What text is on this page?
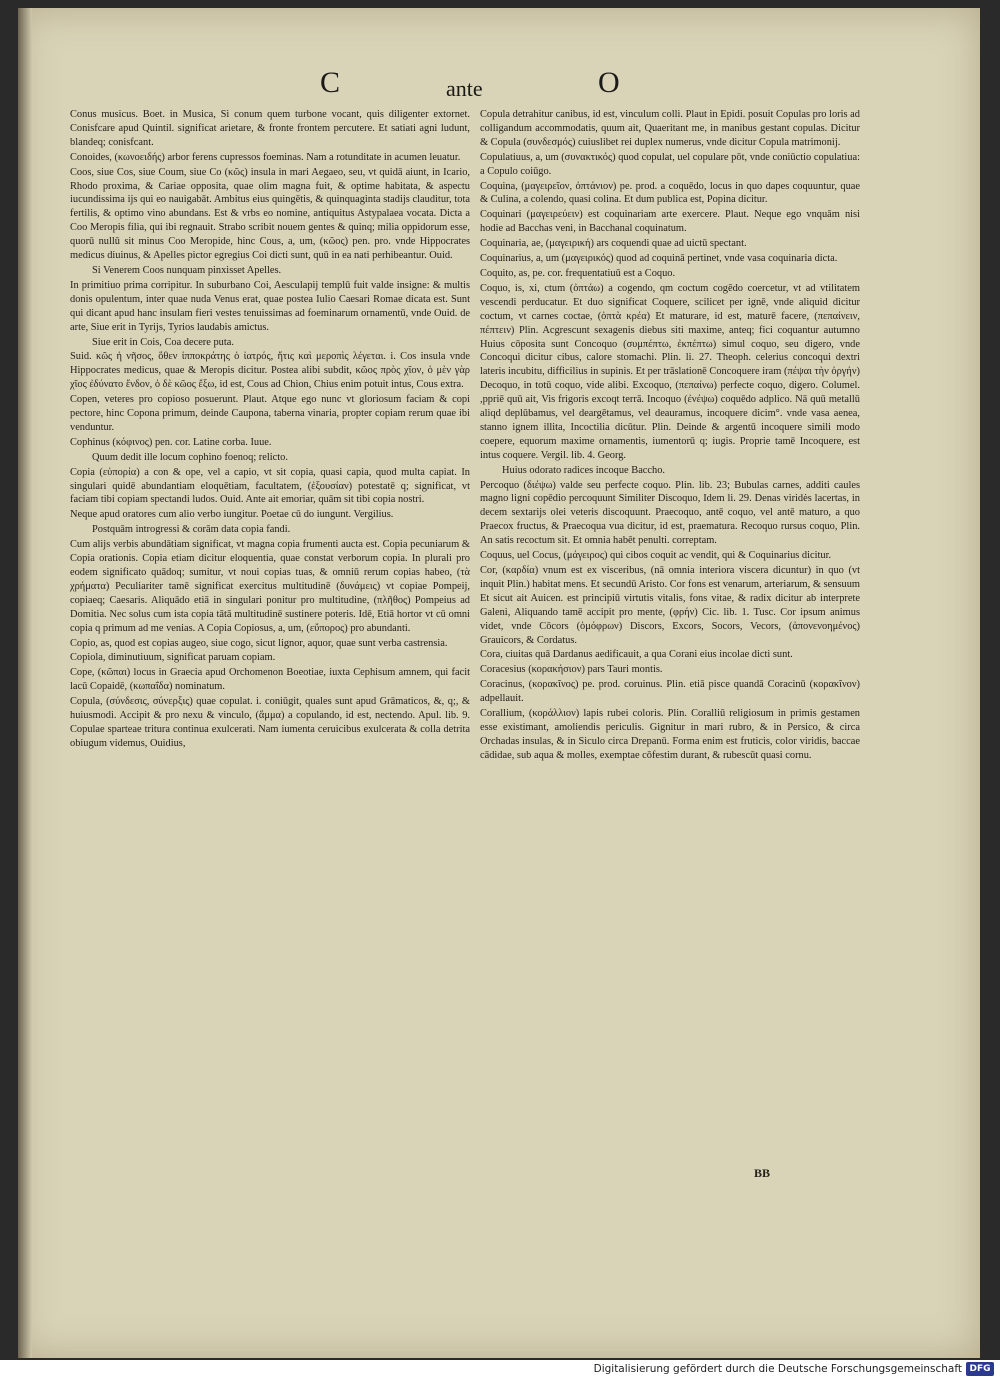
C	ante	O

Conus musicus. Boet. in Musica, Si conum quem turbone vocant, quis diligenter extornet. Conisfcare apud Quintil. significat arietare, & fronte frontem percutere. Et satiati agni ludunt, blandeq; conisfcant.

Conoides, (κωνοειδής) arbor ferens cupressos foeminas. Nam a rotunditate in acumen leuatur.

Coos, siue Cos, siue Coum, siue Co (κῶς) insula in mari Aegaeo, seu, vt quidā aiunt, in Icario, Rhodo proxima, & Cariae opposita, quae olim magna fuit, & optime habitata, & aspectu iucundissima ijs qui eo nauigabāt. Ambitus eius quingētis, & quinquaginta stadijs clauditur, tota fertilis, & optimo vino abundans. Est & vrbs eo nomine, antiquitus Astypalaea vocata. Dicta a Coo Meropis filia, qui ibi regnauit. Strabo scribit nouem gentes & quinq; milia oppidorum esse, quorū nullū sit minus Coo Meropide, hinc Cous, a, um, (κῶος) pen. pro. vnde Hippocrates medicus diuinus, & Apelles pictor egregius Coi dicti sunt, quū in ea nati perhibeantur. Ouid.

Si Venerem Coos nunquam pinxisset Apelles.

In primitiuo prima corripitur. In suburbano Coi, Aesculapij templū fuit valde insigne: & multis donis opulentum, inter quae nuda Venus erat, quae postea Iulio Caesari Romae dicata est. Sunt qui dicant apud hanc insulam fieri vestes tenuissimas ad foeminarum ornamentū, vnde Ouid. de arte, Siue erit in Tyrijs, Tyrios laudabis amictus.

Siue erit in Cois, Coa decere puta.

Suid. κῶς ἡ νῆσος, ὅθεν ἱπποκράτης ὁ ἰατρός, ἥτις καὶ μεροπὶς λέγεται. i. Cos insula vnde Hippocrates medicus, quae & Meropis dicitur. Postea alibi subdit, κῶος πρὸς χῖον, ὁ μὲν γὰρ χῖος ἐδύνατο ἔνδον, ὁ δὲ κῶος ἔξω, id est, Cous ad Chion, Chius enim potuit intus, Cous extra.

Copen, veteres pro copioso posuerunt. Plaut. Atque ego nunc vt gloriosum faciam & copi pectore, hinc Copona primum, deinde Caupona, taberna vinaria, propter copiam rerum quae ibi venduntur.

Cophinus (κόφινος) pen. cor. Latine corba. Iuue.

Quum dedit ille locum cophino foenoq; relicto.

Copia (εὐπορία) a con & ope, vel a capio, vt sit copia, quasi capia, quod multa capiat. In singulari quidē abundantiam eloquētiam, facultatem, (ἐξουσίαν) potestatē q; significat, vt faciam tibi copiam spectandi ludos. Ouid. Ante ait emoriar, quām sit tibi copia nostri.

Neque apud oratores cum alio verbo iungitur. Poetae cū do iungunt. Vergilius.

Postquām introgressi & corām data copia fandi.

Cum alijs verbis abundātiam significat, vt magna copia frumenti aucta est. Copia pecuniarum & Copia orationis. Copia etiam dicitur eloquentia, quae constat verborum copia. In plurali pro eodem significato quādoq; sumitur, vt noui copias tuas, & omniū rerum copias habeo, (τὰ χρήματα) Peculiariter tamē significat exercitus multitudinē (δυνάμεις) vt copiae Pompeij, copiaeq; Caesaris. Aliquādo etiā in singulari ponitur pro multitudine, (πλῆθος) Pompeius ad Domitia. Nec solus cum ista copia tātā multitudinē sustinere poteris. Idē, Etiā hortor vt cū omni copia q primum ad me venias. A Copia Copiosus, a, um, (εὔπορος) pro abundanti.

Copio, as, quod est copias augeo, siue cogo, sicut lignor, aquor, quae sunt verba castrensia.

Copiola, diminutiuum, significat paruam copiam.

Cope, (κῶπαι) locus in Graecia apud Orchomenon Boeotiae, iuxta Cephisum amnem, qui facit lacū Copaidē, (κωπαΐδα) nominatum.

Copula, (σύνδεσις, σύνερξις) quae copulat. i. coniūgit, quales sunt apud Grāmaticos, &, q;, & huiusmodi. Accipit & pro nexu & vinculo, (ἅμμα) a copulando, id est, nectendo. Apul. lib. 9. Copulae sparteae tritura continua exulcerati. Nam iumenta ceruicibus exulcerata & colla detrita obiugum videmus, Ouidius,

Copula detrahitur canibus, id est, vinculum colli. Plaut in Epidi. posuit Copulas pro loris ad colligandum accommodatis, quum ait, Quaeritant me, in manibus gestant copulas. Dicitur & Copula (συνδεσμός) cuiuslibet rei duplex numerus, vnde dicitur Copula matrimonij.

Copulatiuus, a, um (συνακτικός) quod copulat, uel copulare pōt, vnde coniūctio copulatiua: a Copulo coiūgo.

Coquina, (μαγειρεῖον, ὀπτάνιον) pe. prod. a coquēdo, locus in quo dapes coquuntur, quae & Culina, a colendo, quasi colina. Et dum publica est, Popina dicitur.

Coquinari (μαγειρεύειν) est coquinariam arte exercere. Plaut. Neque ego vnquām nisi hodie ad Bacchas veni, in Bacchanal coquinatum.

Coquinaria, ae, (μαγειρική) ars coquendi quae ad uictū spectant.

Coquinarius, a, um (μαγειρικός) quod ad coquinā pertinet, vnde vasa coquinaria dicta.

Coquito, as, pe. cor. frequentatiuū est a Coquo.

Coquo, is, xi, ctum (ὀπτάω) a cogendo, qm coctum cogēdo coercetur, vt ad vtilitatem vescendi perducatur. Et duo significat Coquere, scilicet per ignē, vnde aliquid dicitur coctum, vt carnes coctae, (ὀπτὰ κρέα) Et maturare, id est, maturē facere, (πεπαίνειν, πέπτειν) Plin. Acgrescunt sexagenis diebus siti maxime, anteq; fici coquantur autumno Huius cōposita sunt Concoquo (συμπέπτω, ἐκπέπτω) simul coquo, seu digero, vnde Concoqui dicitur cibus, calore stomachi. Plin. li. 27. Theoph. celerius concoqui dextri lateris incubitu, difficilius in supinis. Et per trāslationē Concoquere iram (πέψαι τὴν ὀργήν) Decoquo, in totū coquo, vide alibi. Excoquo, (πεπαίνω) perfecte coquo, digero. Columel. ,ppriē quū ait, Vis frigoris excoqt terrā. Incoquo (ἐνέψω) coquēdo adplico. Nā quū metallū aliqd deplūbamus, vel deargētamus, vel deauramus, incoquere dicim°. vnde vasa aenea, stanno ignem illita, Incoctilia dicūtur. Plin. Deinde & argentū incoquere simili modo coepere, equorum maxime ornamentis, iumentorū q; iugis. Proprie tamē Incoquere, est intus coquere. Vergil. lib. 4. Georg.

Huius odorato radices incoque Baccho.

Percoquo (διέψω) valde seu perfecte coquo. Plin. lib. 23; Bubulas carnes, additi caules magno ligni copēdio percoquunt Similiter Discoquo, Idem li. 29. Denas viridės lacertas, in decem sextarijs olei veteris discoquunt. Praecoquo, antē coquo, vel antē maturo, a quo Praecox fructus, & Praecoqua vua dicitur, id est, praematura. Recoquo rursus coquo, Plin. An satis recoctum sit. Et omnia habēt penulti. correptam.

Coquus, uel Cocus, (μάγειρος) qui cibos coquit ac vendit, qui & Coquinarius dicitur.

Cor, (καρδία) vnum est ex visceribus, (nā omnia interiora viscera dicuntur) in quo (vt inquit Plin.) habitat mens. Et secundū Aristo. Cor fons est venarum, arteriarum, & sensuum Et sicut ait Auicen. est principiū virtutis vitalis, fons vitae, & radix dicitur ab interprete Galeni, Aliquando tamē accipit pro mente, (φρήν) Cic. lib. 1. Tusc. Cor ipsum animus videt, vnde Cōcors (ὁμόφρων) Discors, Excors, Socors, Vecors, (ἀπονενοημένος) Grauicors, & Cordatus.

Cora, ciuitas quā Dardanus aedificauit, a qua Corani eius incolae dicti sunt.

Coracesius (κορακήσιον) pars Tauri montis.

Coracinus, (κορακῖνος) pe. prod. coruinus. Plin. etiā pisce quandā Coracinū (κορακῖνον) adpellauit.

Corallium, (κοράλλιον) lapis rubei coloris. Plin. Coralliū religiosum in primis gestamen esse existimant, amoliendis periculis. Gignitur in mari rubro, & in Persico, & circa Orchadas insulas, & in Siculo circa Drepanū. Forma enim est fruticis, color viridis, baccae cādidae, sub aqua & molles, exemptae cōfestim durant, & rubescūt quasi cornu.

BB
Digitalisierung gefördert durch die Deutsche Forschungsgemeinschaft DFG
